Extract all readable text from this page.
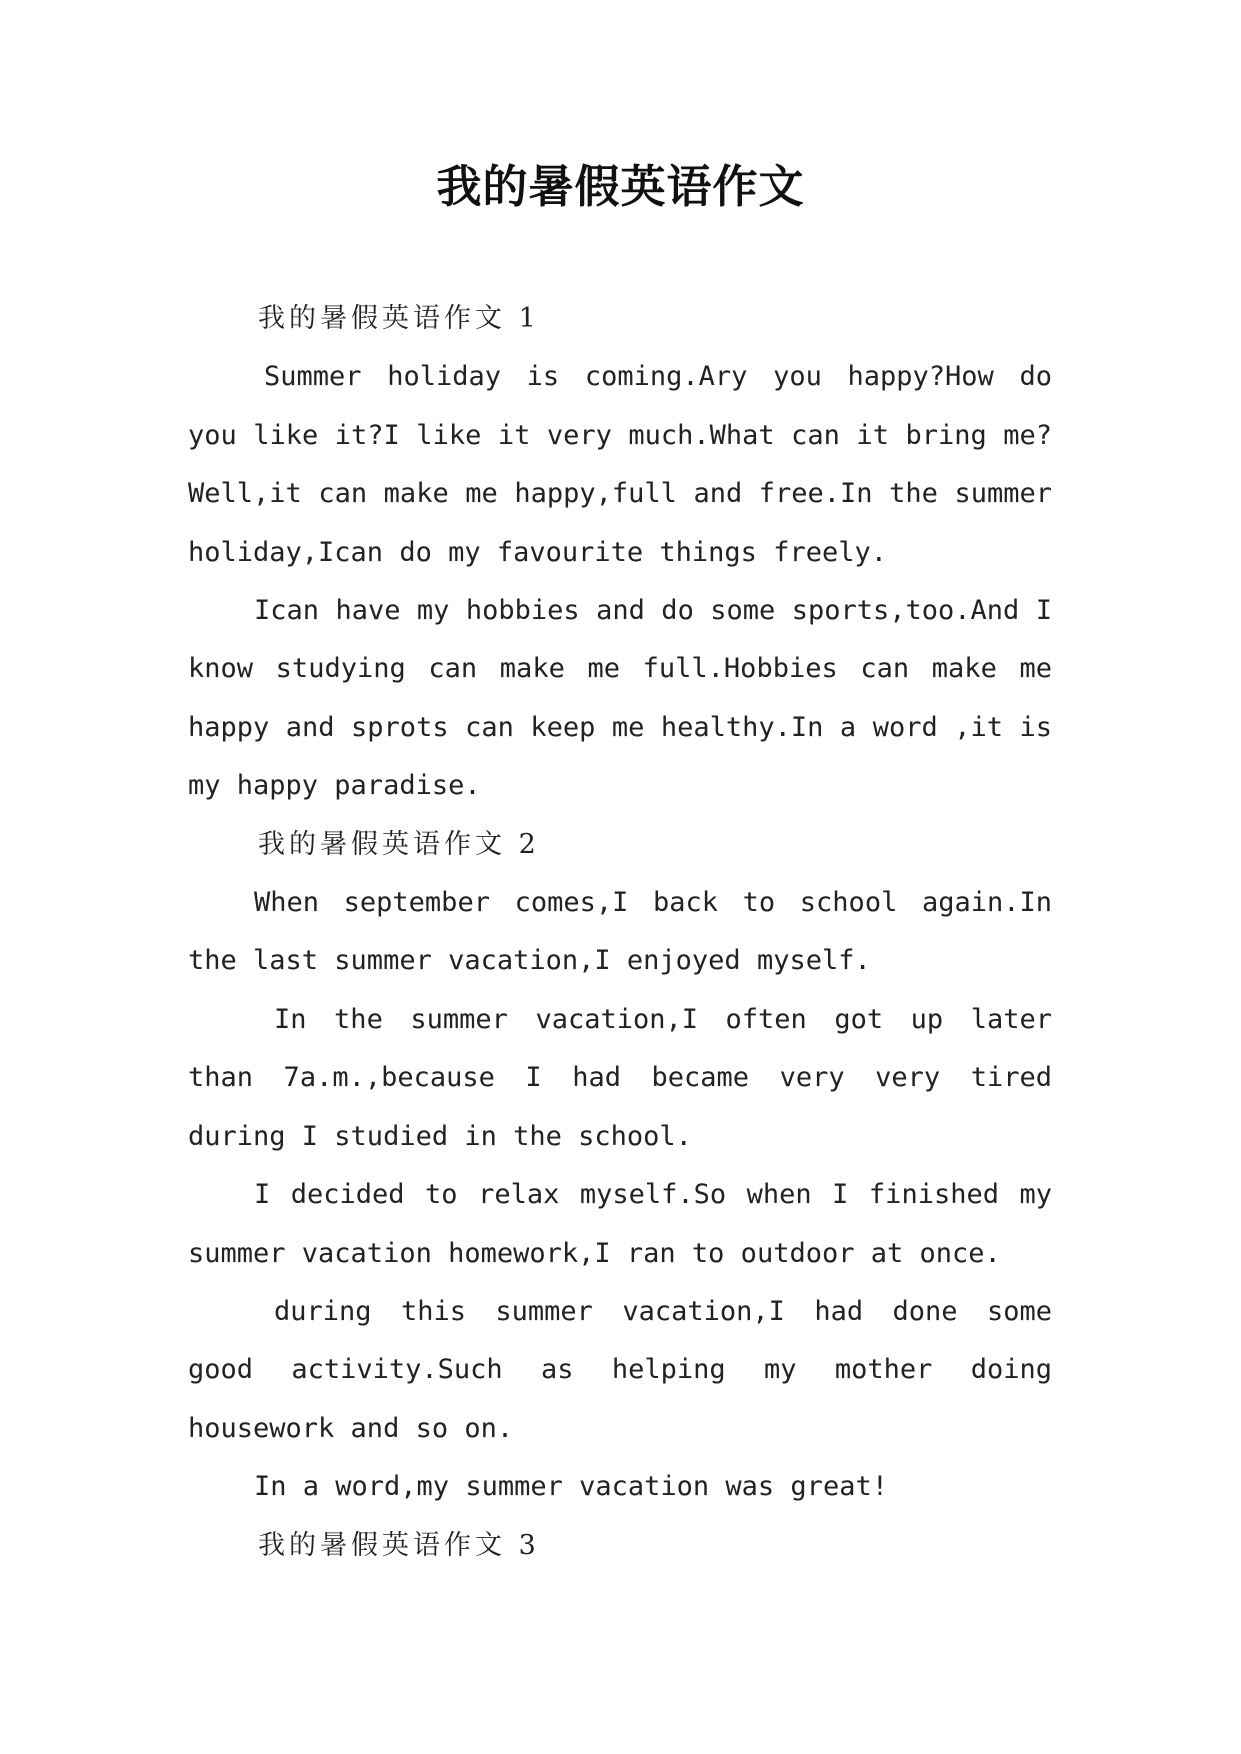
我的暑假英语作文

我的暑假英语作文 1

Summer holiday is coming.Ary you happy?How do you like it?I like it very much.What can it bring me?Well,it can make me happy,full and free.In the summer holiday,Ican do my favourite things freely.

Ican have my hobbies and do some sports,too.And I know studying can make me full.Hobbies can make me happy and sprots can keep me healthy.In a word ,it is my happy paradise.

我的暑假英语作文 2

When september comes,I back to school again.In the last summer vacation,I enjoyed myself.

In the summer vacation,I often got up later than 7a.m.,because I had became very very tired during I studied in the school.

I decided to relax myself.So when I finished my summer vacation homework,I ran to outdoor at once.

during this summer vacation,I had done some good activity.Such as helping my mother doing housework and so on.

In a word,my summer vacation was great!

我的暑假英语作文 3
